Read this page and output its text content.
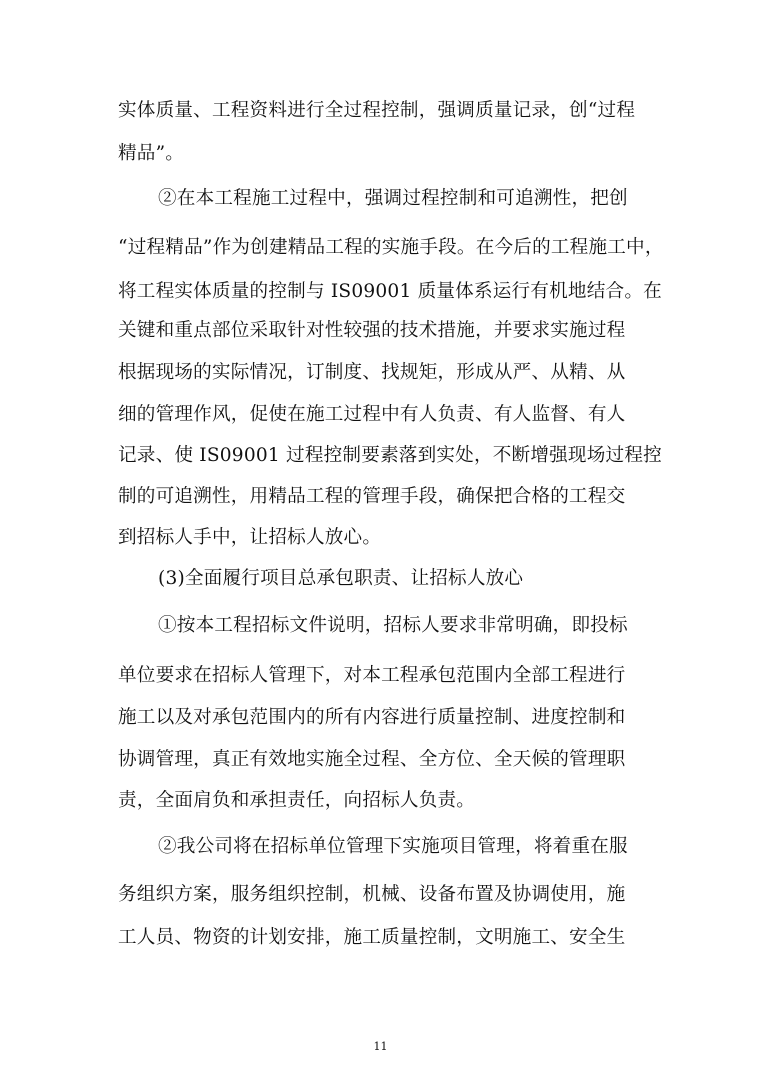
实体质量、工程资料进行全过程控制，强调质量记录，创“过程
精品”。
②在本工程施工过程中，强调过程控制和可追溯性，把创
“过程精品”作为创建精品工程的实施手段。在今后的工程施工中，
将工程实体质量的控制与 IS09001 质量体系运行有机地结合。在
关键和重点部位采取针对性较强的技术措施，并要求实施过程
根据现场的实际情况，订制度、找规矩，形成从严、从精、从
细的管理作风，促使在施工过程中有人负责、有人监督、有人
记录、使 IS09001 过程控制要素落到实处，不断增强现场过程控
制的可追溯性，用精品工程的管理手段，确保把合格的工程交
到招标人手中，让招标人放心。
(3)全面履行项目总承包职责、让招标人放心
①按本工程招标文件说明，招标人要求非常明确，即投标
单位要求在招标人管理下，对本工程承包范围内全部工程进行
施工以及对承包范围内的所有内容进行质量控制、进度控制和
协调管理，真正有效地实施全过程、全方位、全天候的管理职
责，全面肩负和承担责任，向招标人负责。
②我公司将在招标单位管理下实施项目管理，将着重在服
务组织方案，服务组织控制，机械、设备布置及协调使用，施
工人员、物资的计划安排，施工质量控制，文明施工、安全生
11
